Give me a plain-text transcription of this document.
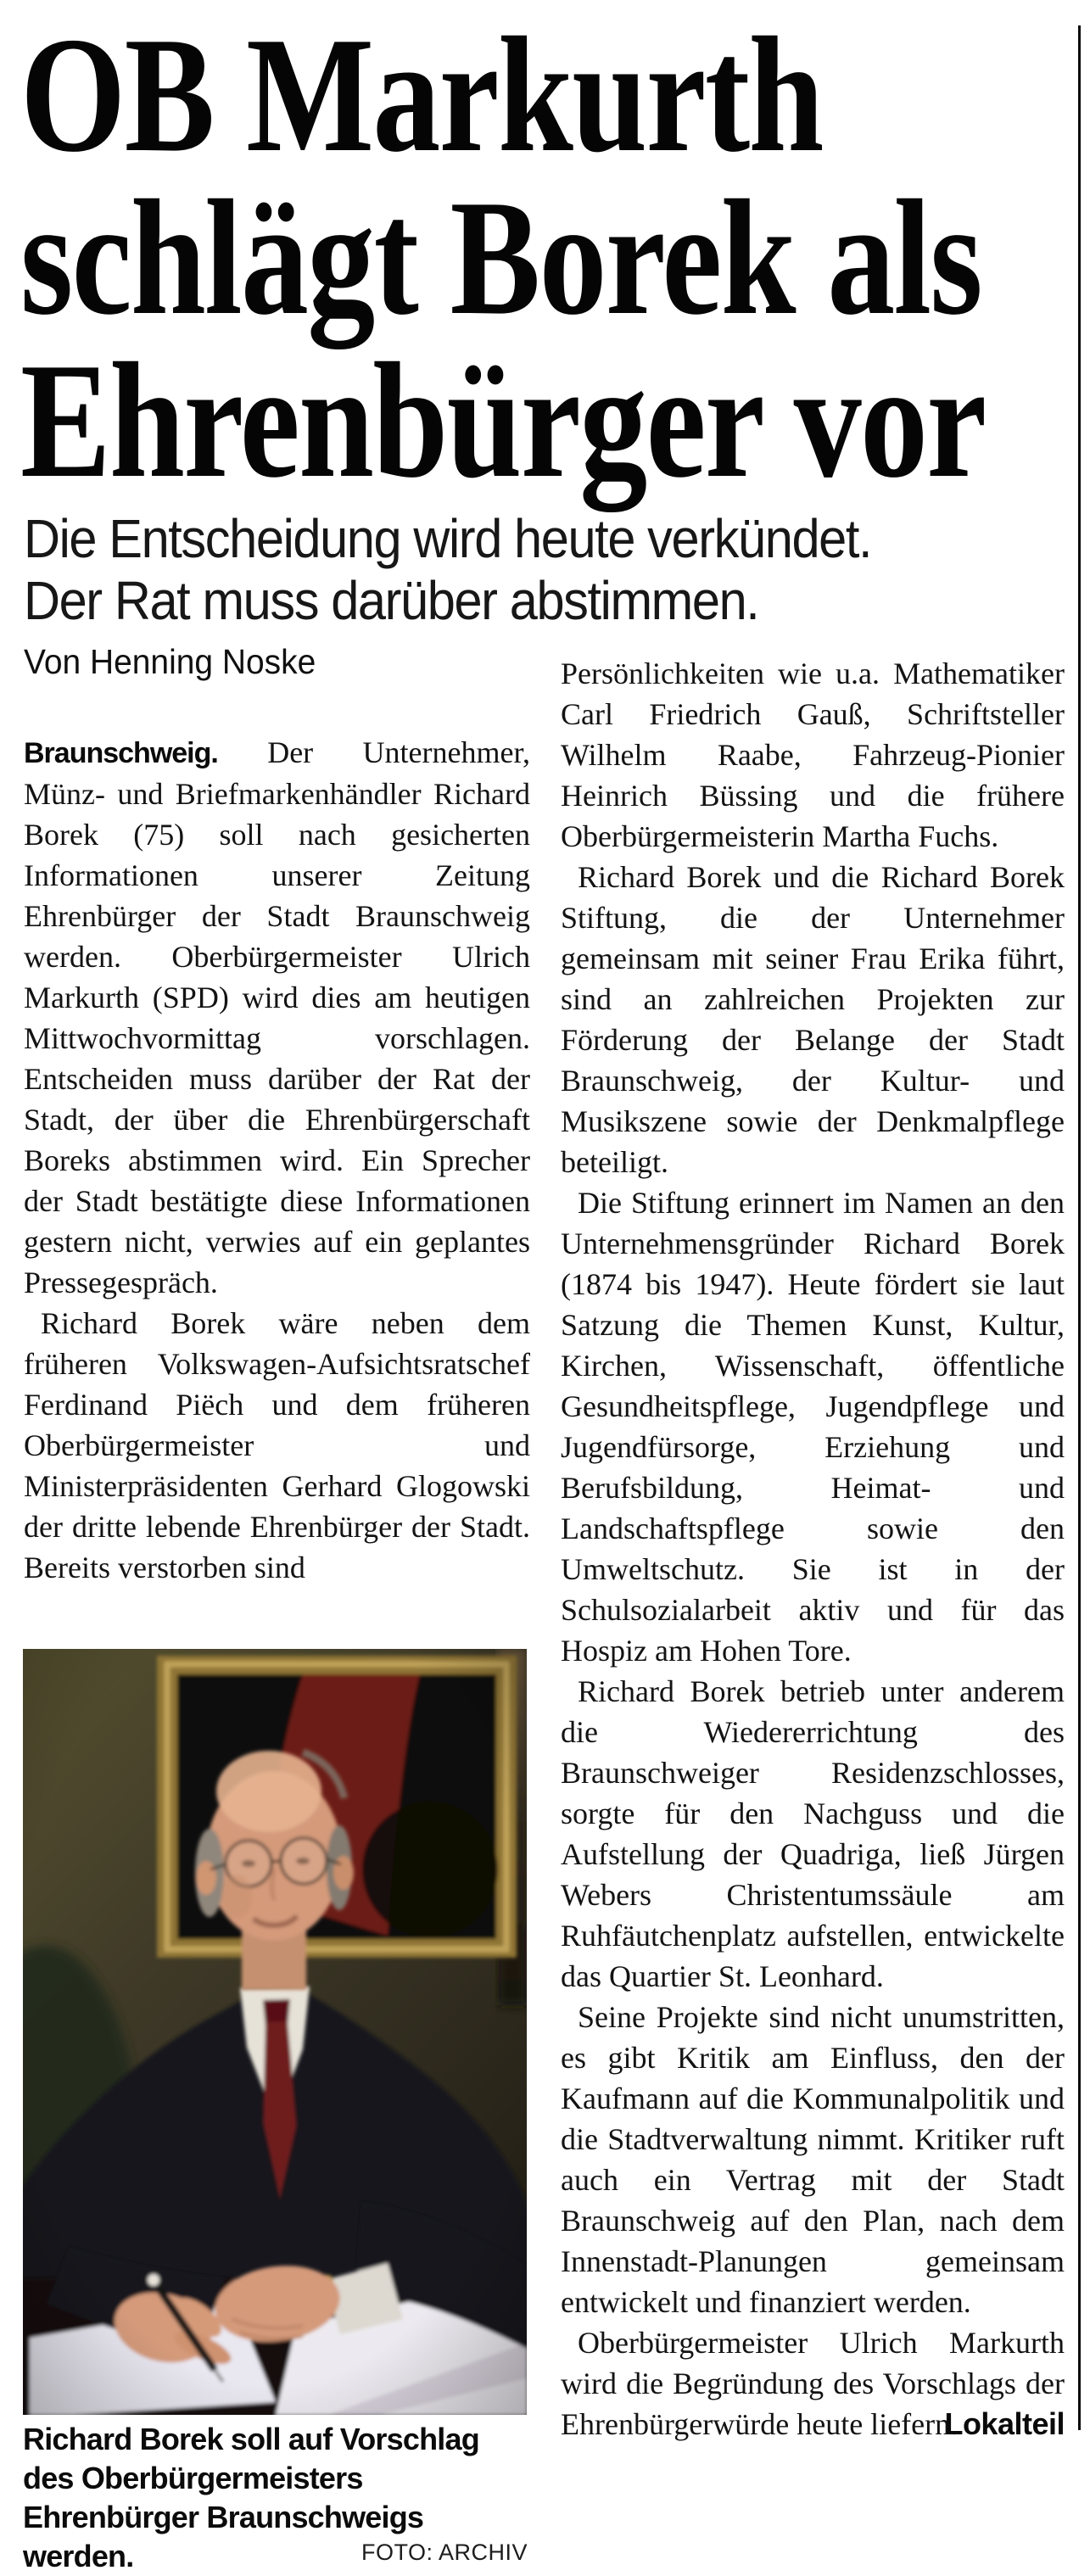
OB Markurth
schlägt Borek als
Ehrenbürger vor
Die Entscheidung wird heute verkündet.
Der Rat muss darüber abstimmen.
Von Henning Noske

Braunschweig. Der Unternehmer, Münz- und Briefmarkenhändler Richard Borek (75) soll nach gesicherten Informationen unserer Zeitung Ehrenbürger der Stadt Braunschweig werden. Oberbürgermeister Ulrich Markurth (SPD) wird dies am heutigen Mittwochvormittag vorschlagen. Entscheiden muss darüber der Rat der Stadt, der über die Ehrenbürgerschaft Boreks abstimmen wird. Ein Sprecher der Stadt bestätigte diese Informationen gestern nicht, verwies auf ein geplantes Pressegespräch.

Richard Borek wäre neben dem früheren Volkswagen-Aufsichtsratschef Ferdinand Piëch und dem früheren Oberbürgermeister und Ministerpräsidenten Gerhard Glogowski der dritte lebende Ehrenbürger der Stadt. Bereits verstorben sind

Persönlichkeiten wie u.a. Mathematiker Carl Friedrich Gauß, Schriftsteller Wilhelm Raabe, Fahrzeug-Pionier Heinrich Büssing und die frühere Oberbürgermeisterin Martha Fuchs.

Richard Borek und die Richard Borek Stiftung, die der Unternehmer gemeinsam mit seiner Frau Erika führt, sind an zahlreichen Projekten zur Förderung der Belange der Stadt Braunschweig, der Kultur- und Musikszene sowie der Denkmalpflege beteiligt.

Die Stiftung erinnert im Namen an den Unternehmensgründer Richard Borek (1874 bis 1947). Heute fördert sie laut Satzung die Themen Kunst, Kultur, Kirchen, Wissenschaft, öffentliche Gesundheitspflege, Jugendpflege und Jugendfürsorge, Erziehung und Berufsbildung, Heimat- und Landschaftspflege sowie den Umweltschutz. Sie ist in der Schulsozialarbeit aktiv und für das Hospiz am Hohen Tore.

Richard Borek betrieb unter anderem die Wiedererrichtung des Braunschweiger Residenzschlosses, sorgte für den Nachguss und die Aufstellung der Quadriga, ließ Jürgen Webers Christentumssäule am Ruhfäutchenplatz aufstellen, entwickelte das Quartier St. Leonhard.

Seine Projekte sind nicht unumstritten, es gibt Kritik am Einfluss, den der Kaufmann auf die Kommunalpolitik und die Stadtverwaltung nimmt. Kritiker ruft auch ein Vertrag mit der Stadt Braunschweig auf den Plan, nach dem Innenstadt-Planungen gemeinsam entwickelt und finanziert werden.

Oberbürgermeister Ulrich Markurth wird die Begründung des Vorschlags der Ehrenbürgerwürde heute liefern.
Lokalteil

Richard Borek soll auf Vorschlag des Oberbürgermeisters Ehrenbürger Braunschweigs werden.	FOTO: ARCHIV
